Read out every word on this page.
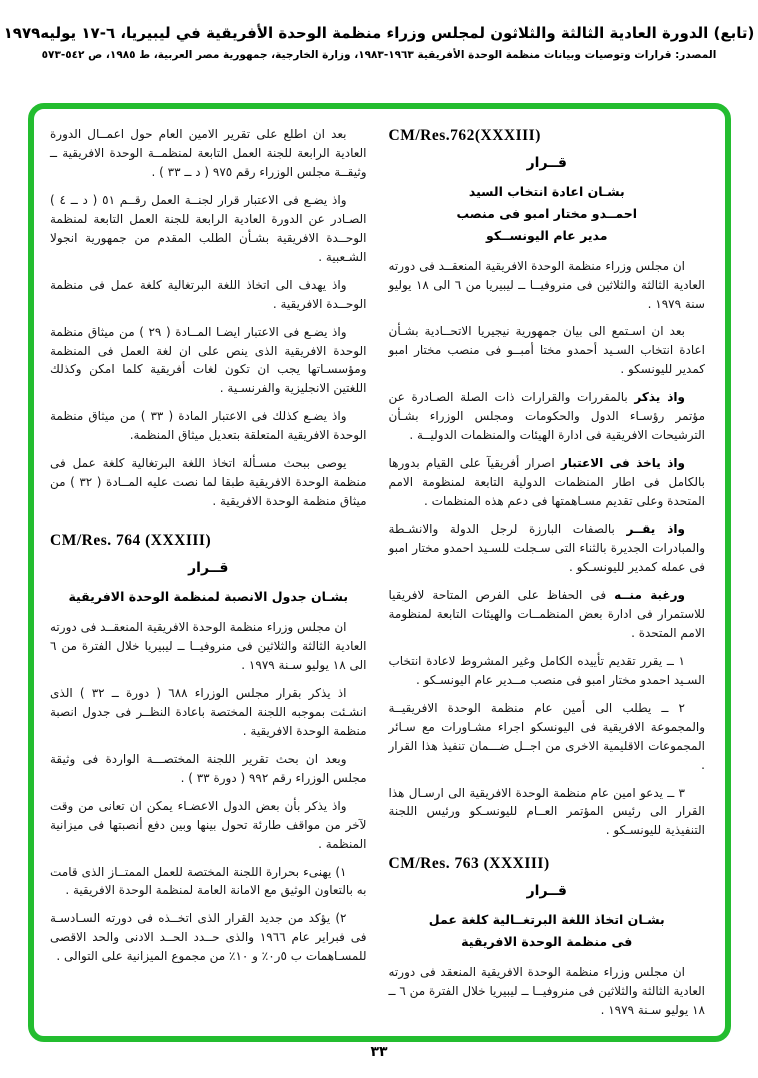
(تابع) الدورة العادية الثالثة والثلاثون لمجلس وزراء منظمة الوحدة الأفريقية في ليبيريا، ٦-١٧ يوليه١٩٧٩
المصدر: قرارات وتوصيات وبيانات منظمة الوحدة الأفريقية ١٩٦٣-١٩٨٣، وزارة الخارجية، جمهورية مصر العربية، ط ١٩٨٥، ص ٥٤٢-٥٧٣
CM/Res.762(XXXIII)
قــرار
بشـان اعادة انتخاب السيد
احمــدو مختار امبو فى منصب
مدير عام اليونســكو

ان مجلس وزراء منظمة الوحدة الافريقية المنعقــد فى دورته العادية الثالثة والثلاثين فى منروفيــا ــ ليبيريا من ٦ الى ١٨ يوليو سنة ١٩٧٩ .

بعد ان اسـتمع الى بيان جمهورية نيجيريا الاتحــادية بشـأن اعادة انتخاب السـيد أحمدو مختا أمبــو فى منصب مختار امبو كمدير لليونسكو .

واذ يذكر بالمقررات والقرارات ذات الصلة الصـادرة عن مؤتمر رؤسـاء الدول والحكومات ومجلس الوزراء بشـأن الترشيحات الافريقية فى ادارة الهيئات والمنظمات الدوليــة .

واذ ياخذ فى الاعتبار اصرار أفريقيآ على القيام بدورها بالكامل فى اطار المنظمات الدولية التابعة لمنظومة الامم المتحدة وعلى تقديم مسـاهمتها فى دعم هذه المنظمات .

واذ يقــر بالصفات البارزة لرجل الدولة والانشـطة والمبادرات الجديرة بالثناء التى سـجلت للسـيد احمدو مختار امبو فى عمله كمدير لليونسـكو .

ورغبة منــه فى الحفاظ على الفرص المتاحة لافريقيا للاستمرار فى ادارة بعض المنظمــات والهيئات التابعة لمنظومة الامم المتحدة .

١ ــ يقرر تقديم تأييده الكامل وغير المشروط لاعادة انتخاب السـيد احمدو مختار امبو فى منصب مــدير عام اليونسـكو .

٢ ــ يطلب الى أمين عام منظمة الوحدة الافريقيــة والمجموعة الافريقية فى اليونسكو اجراء مشـاورات مع سـائر المجموعات الاقليمية الاخرى من اجــل ضـــمان تنفيذ هذا القرار .

٣ ــ يدعو امين عام منظمة الوحدة الافريقية الى ارسـال هذا القرار الى رئيس المؤتمر العــام لليونسـكو ورئيس اللجنة التنفيذية لليونسـكو .

CM/Res. 763 (XXXIII)
قــرار
بشـان اتخاذ اللغة البرتغــالية كلغة عمل
فى منظمة الوحدة الافريقية

ان مجلس وزراء منظمة الوحدة الافريقية المنعقد فى دورته العادية الثالثة والثلاثين فى منروفيــا ــ ليبيريا خلال الفترة من ٦ ــ ١٨ يوليو سـنة ١٩٧٩ .

بعد ان اطلع على تقرير الامين العام حول اعمــال الدورة العادية الرابعة للجنة العمل التابعة لمنظمــة الوحدة الافريقية ــ وثيقــة مجلس الوزراء رقم ٩٧٥ ( د ــ ٣٣ ) .

واذ يضـع فى الاعتبار قرار لجنــة العمل رقــم ٥١ ( د ــ ٤ ) الصـادر عن الدورة العادية الرابعة للجنة العمل التابعة لمنظمة الوحــدة الافريقية بشـأن الطلب المقدم من جمهورية انجولا الشـعبية .

واذ يهدف الى اتخاذ اللغة البرتغالية كلغة عمل فى منظمة الوحــدة الافريقية .

واذ يضـع فى الاعتبار ايضـا المــادة ( ٢٩ ) من ميثاق منظمة الوحدة الافريقية الذى ينص على ان لغة العمل فى المنظمة ومؤسسـاتها يجب ان تكون لغات أفريقية كلما امكن وكذلك اللغتين الانجليزية والفرنسـية .

واذ يضـع كذلك فى الاعتبار المادة ( ٣٣ ) من ميثاق منظمة الوحدة الافريقية المتعلقة بتعديل ميثاق المنظمة.

يوصى ببحث مسـألة اتخاذ اللغة البرتغالية كلغة عمل فى منظمة الوحدة الافريقية طبقا لما نصت عليه المــادة ( ٣٢ ) من ميثاق منظمة الوحدة الافريقية .

CM/Res. 764 (XXXIII)
قــرار
بشـان جدول الانصبة لمنظمة الوحدة الافريقية

ان مجلس وزراء منظمة الوحدة الافريقية المنعقــد فى دورته العادية الثالثة والثلاثين فى منروفيــا ــ ليبيريا خلال الفترة من ٦ الى ١٨ يوليو سـنة ١٩٧٩ .

اذ يذكر بقرار مجلس الوزراء ٦٨٨ ( دورة ــ ٣٢ ) الذى انشـئت بموجبه اللجنة المختصة باعادة النظــر فى جدول انصبة منظمة الوحدة الافريقية .

وبعد ان بحث تقرير اللجنة المختصـــة الواردة فى وثيقة مجلس الوزراء رقم ٩٩٢ ( دورة ٣٣ ) .

واذ يذكر بأن بعض الدول الاعضـاء يمكن ان تعانى من وقت لآخر من مواقف طارئة تحول بينها وبين دفع أنصبتها فى ميزانية المنظمة .

١) يهنىء بحرارة اللجنة المختصة للعمل الممتــاز الذى قامت به بالتعاون الوثيق مع الامانة العامة لمنظمة الوحدة الافريقية .

٢) يؤكد من جديد القرار الذى اتخــذه فى دورته السـادسـة فى فبراير عام ١٩٦٦ والذى حــدد الحــد الادنى والحد الاقصى للمسـاهمات ب ٥ر٠٪ و ١٠٪ من مجموع الميزانية على التوالى .

٣٣
